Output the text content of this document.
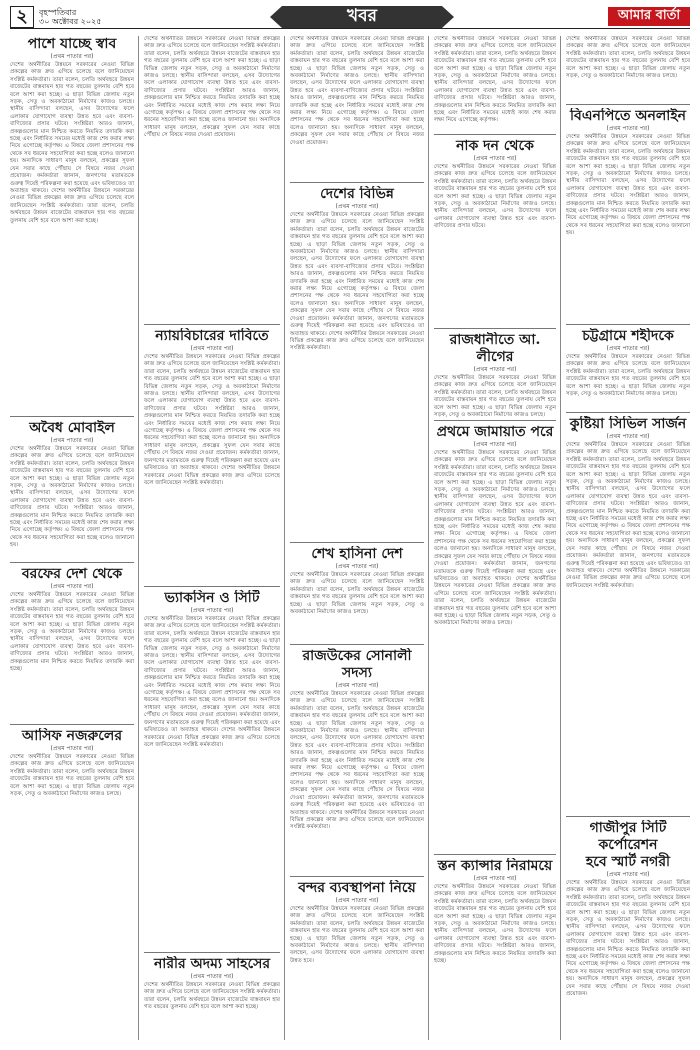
২	বৃহস্পতিবার
৩০ অক্টোবর ২০২৫	খবর	আমার বার্তা
পাশে যাচ্ছে স্বাব
(প্রথম পাতার পর)

দেশের অর্থনীতির উন্নয়নে সরকারের নেওয়া বিভিন্ন প্রকল্পের কাজ দ্রুত এগিয়ে চলেছে বলে জানিয়েছেন সংশ্লিষ্ট কর্মকর্তারা। তারা বলেন, চলতি অর্থবছরে উন্নয়ন বাজেটের বাস্তবায়ন হার গত বছরের তুলনায় বেশি হবে বলে আশা করা হচ্ছে। এ ছাড়া বিভিন্ন জেলায় নতুন সড়ক, সেতু ও অবকাঠামো নির্মাণের কাজও চলছে। স্থানীয় বাসিন্দারা বলছেন, এসব উদ্যোগের ফলে এলাকার যোগাযোগ ব্যবস্থা উন্নত হবে এবং ব্যবসা-বাণিজ্যের প্রসার ঘটবে। সংশ্লিষ্টরা আরও জানান, প্রকল্পগুলোর মান নিশ্চিত করতে নিয়মিত তদারকি করা হচ্ছে এবং নির্ধারিত সময়ের মধ্যেই কাজ শেষ করার লক্ষ্য নিয়ে এগোচ্ছে কর্তৃপক্ষ। এ বিষয়ে জেলা প্রশাসনের পক্ষ থেকে সব ধরনের সহযোগিতা করা হচ্ছে বলেও জানানো হয়। অন্যদিকে সাধারণ মানুষ বলছেন, প্রকল্পের সুফল যেন সবার কাছে পৌঁছায় সে বিষয়ে নজর দেওয়া প্রয়োজন। কর্মকর্তারা জানান, জনগণের মতামতকে গুরুত্ব দিয়েই পরিকল্পনা করা হয়েছে এবং ভবিষ্যতেও তা অব্যাহত থাকবে। দেশের অর্থনীতির উন্নয়নে সরকারের নেওয়া বিভিন্ন প্রকল্পের কাজ দ্রুত এগিয়ে চলেছে বলে জানিয়েছেন সংশ্লিষ্ট কর্মকর্তারা। তারা বলেন, চলতি অর্থবছরে উন্নয়ন বাজেটের বাস্তবায়ন হার গত বছরের তুলনায় বেশি হবে বলে আশা করা হচ্ছে।

অবৈধ মোবাইল
(প্রথম পাতার পর)

দেশের অর্থনীতির উন্নয়নে সরকারের নেওয়া বিভিন্ন প্রকল্পের কাজ দ্রুত এগিয়ে চলেছে বলে জানিয়েছেন সংশ্লিষ্ট কর্মকর্তারা। তারা বলেন, চলতি অর্থবছরে উন্নয়ন বাজেটের বাস্তবায়ন হার গত বছরের তুলনায় বেশি হবে বলে আশা করা হচ্ছে। এ ছাড়া বিভিন্ন জেলায় নতুন সড়ক, সেতু ও অবকাঠামো নির্মাণের কাজও চলছে। স্থানীয় বাসিন্দারা বলছেন, এসব উদ্যোগের ফলে এলাকার যোগাযোগ ব্যবস্থা উন্নত হবে এবং ব্যবসা-বাণিজ্যের প্রসার ঘটবে। সংশ্লিষ্টরা আরও জানান, প্রকল্পগুলোর মান নিশ্চিত করতে নিয়মিত তদারকি করা হচ্ছে এবং নির্ধারিত সময়ের মধ্যেই কাজ শেষ করার লক্ষ্য নিয়ে এগোচ্ছে কর্তৃপক্ষ। এ বিষয়ে জেলা প্রশাসনের পক্ষ থেকে সব ধরনের সহযোগিতা করা হচ্ছে বলেও জানানো হয়।

বরফের দেশ থেকে
(প্রথম পাতার পর)

দেশের অর্থনীতির উন্নয়নে সরকারের নেওয়া বিভিন্ন প্রকল্পের কাজ দ্রুত এগিয়ে চলেছে বলে জানিয়েছেন সংশ্লিষ্ট কর্মকর্তারা। তারা বলেন, চলতি অর্থবছরে উন্নয়ন বাজেটের বাস্তবায়ন হার গত বছরের তুলনায় বেশি হবে বলে আশা করা হচ্ছে। এ ছাড়া বিভিন্ন জেলায় নতুন সড়ক, সেতু ও অবকাঠামো নির্মাণের কাজও চলছে। স্থানীয় বাসিন্দারা বলছেন, এসব উদ্যোগের ফলে এলাকার যোগাযোগ ব্যবস্থা উন্নত হবে এবং ব্যবসা-বাণিজ্যের প্রসার ঘটবে। সংশ্লিষ্টরা আরও জানান, প্রকল্পগুলোর মান নিশ্চিত করতে নিয়মিত তদারকি করা হচ্ছে।

আসিফ নজরুলের
(প্রথম পাতার পর)

দেশের অর্থনীতির উন্নয়নে সরকারের নেওয়া বিভিন্ন প্রকল্পের কাজ দ্রুত এগিয়ে চলেছে বলে জানিয়েছেন সংশ্লিষ্ট কর্মকর্তারা। তারা বলেন, চলতি অর্থবছরে উন্নয়ন বাজেটের বাস্তবায়ন হার গত বছরের তুলনায় বেশি হবে বলে আশা করা হচ্ছে। এ ছাড়া বিভিন্ন জেলায় নতুন সড়ক, সেতু ও অবকাঠামো নির্মাণের কাজও চলছে।

দেশের অর্থনীতির উন্নয়নে সরকারের নেওয়া বিভিন্ন প্রকল্পের কাজ দ্রুত এগিয়ে চলেছে বলে জানিয়েছেন সংশ্লিষ্ট কর্মকর্তারা। তারা বলেন, চলতি অর্থবছরে উন্নয়ন বাজেটের বাস্তবায়ন হার গত বছরের তুলনায় বেশি হবে বলে আশা করা হচ্ছে। এ ছাড়া বিভিন্ন জেলায় নতুন সড়ক, সেতু ও অবকাঠামো নির্মাণের কাজও চলছে। স্থানীয় বাসিন্দারা বলছেন, এসব উদ্যোগের ফলে এলাকার যোগাযোগ ব্যবস্থা উন্নত হবে এবং ব্যবসা-বাণিজ্যের প্রসার ঘটবে। সংশ্লিষ্টরা আরও জানান, প্রকল্পগুলোর মান নিশ্চিত করতে নিয়মিত তদারকি করা হচ্ছে এবং নির্ধারিত সময়ের মধ্যেই কাজ শেষ করার লক্ষ্য নিয়ে এগোচ্ছে কর্তৃপক্ষ। এ বিষয়ে জেলা প্রশাসনের পক্ষ থেকে সব ধরনের সহযোগিতা করা হচ্ছে বলেও জানানো হয়। অন্যদিকে সাধারণ মানুষ বলছেন, প্রকল্পের সুফল যেন সবার কাছে পৌঁছায় সে বিষয়ে নজর দেওয়া প্রয়োজন।

ন্যায়বিচারের দাবিতে
(প্রথম পাতার পর)

দেশের অর্থনীতির উন্নয়নে সরকারের নেওয়া বিভিন্ন প্রকল্পের কাজ দ্রুত এগিয়ে চলেছে বলে জানিয়েছেন সংশ্লিষ্ট কর্মকর্তারা। তারা বলেন, চলতি অর্থবছরে উন্নয়ন বাজেটের বাস্তবায়ন হার গত বছরের তুলনায় বেশি হবে বলে আশা করা হচ্ছে। এ ছাড়া বিভিন্ন জেলায় নতুন সড়ক, সেতু ও অবকাঠামো নির্মাণের কাজও চলছে। স্থানীয় বাসিন্দারা বলছেন, এসব উদ্যোগের ফলে এলাকার যোগাযোগ ব্যবস্থা উন্নত হবে এবং ব্যবসা-বাণিজ্যের প্রসার ঘটবে। সংশ্লিষ্টরা আরও জানান, প্রকল্পগুলোর মান নিশ্চিত করতে নিয়মিত তদারকি করা হচ্ছে এবং নির্ধারিত সময়ের মধ্যেই কাজ শেষ করার লক্ষ্য নিয়ে এগোচ্ছে কর্তৃপক্ষ। এ বিষয়ে জেলা প্রশাসনের পক্ষ থেকে সব ধরনের সহযোগিতা করা হচ্ছে বলেও জানানো হয়। অন্যদিকে সাধারণ মানুষ বলছেন, প্রকল্পের সুফল যেন সবার কাছে পৌঁছায় সে বিষয়ে নজর দেওয়া প্রয়োজন। কর্মকর্তারা জানান, জনগণের মতামতকে গুরুত্ব দিয়েই পরিকল্পনা করা হয়েছে এবং ভবিষ্যতেও তা অব্যাহত থাকবে। দেশের অর্থনীতির উন্নয়নে সরকারের নেওয়া বিভিন্ন প্রকল্পের কাজ দ্রুত এগিয়ে চলেছে বলে জানিয়েছেন সংশ্লিষ্ট কর্মকর্তারা।

ভ্যাকসিন ও সিটি
(প্রথম পাতার পর)

দেশের অর্থনীতির উন্নয়নে সরকারের নেওয়া বিভিন্ন প্রকল্পের কাজ দ্রুত এগিয়ে চলেছে বলে জানিয়েছেন সংশ্লিষ্ট কর্মকর্তারা। তারা বলেন, চলতি অর্থবছরে উন্নয়ন বাজেটের বাস্তবায়ন হার গত বছরের তুলনায় বেশি হবে বলে আশা করা হচ্ছে। এ ছাড়া বিভিন্ন জেলায় নতুন সড়ক, সেতু ও অবকাঠামো নির্মাণের কাজও চলছে। স্থানীয় বাসিন্দারা বলছেন, এসব উদ্যোগের ফলে এলাকার যোগাযোগ ব্যবস্থা উন্নত হবে এবং ব্যবসা-বাণিজ্যের প্রসার ঘটবে। সংশ্লিষ্টরা আরও জানান, প্রকল্পগুলোর মান নিশ্চিত করতে নিয়মিত তদারকি করা হচ্ছে এবং নির্ধারিত সময়ের মধ্যেই কাজ শেষ করার লক্ষ্য নিয়ে এগোচ্ছে কর্তৃপক্ষ। এ বিষয়ে জেলা প্রশাসনের পক্ষ থেকে সব ধরনের সহযোগিতা করা হচ্ছে বলেও জানানো হয়। অন্যদিকে সাধারণ মানুষ বলছেন, প্রকল্পের সুফল যেন সবার কাছে পৌঁছায় সে বিষয়ে নজর দেওয়া প্রয়োজন। কর্মকর্তারা জানান, জনগণের মতামতকে গুরুত্ব দিয়েই পরিকল্পনা করা হয়েছে এবং ভবিষ্যতেও তা অব্যাহত থাকবে। দেশের অর্থনীতির উন্নয়নে সরকারের নেওয়া বিভিন্ন প্রকল্পের কাজ দ্রুত এগিয়ে চলেছে বলে জানিয়েছেন সংশ্লিষ্ট কর্মকর্তারা।

নারীর অদম্য সাহসের
(প্রথম পাতার পর)

দেশের অর্থনীতির উন্নয়নে সরকারের নেওয়া বিভিন্ন প্রকল্পের কাজ দ্রুত এগিয়ে চলেছে বলে জানিয়েছেন সংশ্লিষ্ট কর্মকর্তারা। তারা বলেন, চলতি অর্থবছরে উন্নয়ন বাজেটের বাস্তবায়ন হার গত বছরের তুলনায় বেশি হবে বলে আশা করা হচ্ছে।

দেশের অর্থনীতির উন্নয়নে সরকারের নেওয়া বিভিন্ন প্রকল্পের কাজ দ্রুত এগিয়ে চলেছে বলে জানিয়েছেন সংশ্লিষ্ট কর্মকর্তারা। তারা বলেন, চলতি অর্থবছরে উন্নয়ন বাজেটের বাস্তবায়ন হার গত বছরের তুলনায় বেশি হবে বলে আশা করা হচ্ছে। এ ছাড়া বিভিন্ন জেলায় নতুন সড়ক, সেতু ও অবকাঠামো নির্মাণের কাজও চলছে। স্থানীয় বাসিন্দারা বলছেন, এসব উদ্যোগের ফলে এলাকার যোগাযোগ ব্যবস্থা উন্নত হবে এবং ব্যবসা-বাণিজ্যের প্রসার ঘটবে। সংশ্লিষ্টরা আরও জানান, প্রকল্পগুলোর মান নিশ্চিত করতে নিয়মিত তদারকি করা হচ্ছে এবং নির্ধারিত সময়ের মধ্যেই কাজ শেষ করার লক্ষ্য নিয়ে এগোচ্ছে কর্তৃপক্ষ। এ বিষয়ে জেলা প্রশাসনের পক্ষ থেকে সব ধরনের সহযোগিতা করা হচ্ছে বলেও জানানো হয়। অন্যদিকে সাধারণ মানুষ বলছেন, প্রকল্পের সুফল যেন সবার কাছে পৌঁছায় সে বিষয়ে নজর দেওয়া প্রয়োজন।

দেশের বিভিন্ন
(প্রথম পাতার পর)

দেশের অর্থনীতির উন্নয়নে সরকারের নেওয়া বিভিন্ন প্রকল্পের কাজ দ্রুত এগিয়ে চলেছে বলে জানিয়েছেন সংশ্লিষ্ট কর্মকর্তারা। তারা বলেন, চলতি অর্থবছরে উন্নয়ন বাজেটের বাস্তবায়ন হার গত বছরের তুলনায় বেশি হবে বলে আশা করা হচ্ছে। এ ছাড়া বিভিন্ন জেলায় নতুন সড়ক, সেতু ও অবকাঠামো নির্মাণের কাজও চলছে। স্থানীয় বাসিন্দারা বলছেন, এসব উদ্যোগের ফলে এলাকার যোগাযোগ ব্যবস্থা উন্নত হবে এবং ব্যবসা-বাণিজ্যের প্রসার ঘটবে। সংশ্লিষ্টরা আরও জানান, প্রকল্পগুলোর মান নিশ্চিত করতে নিয়মিত তদারকি করা হচ্ছে এবং নির্ধারিত সময়ের মধ্যেই কাজ শেষ করার লক্ষ্য নিয়ে এগোচ্ছে কর্তৃপক্ষ। এ বিষয়ে জেলা প্রশাসনের পক্ষ থেকে সব ধরনের সহযোগিতা করা হচ্ছে বলেও জানানো হয়। অন্যদিকে সাধারণ মানুষ বলছেন, প্রকল্পের সুফল যেন সবার কাছে পৌঁছায় সে বিষয়ে নজর দেওয়া প্রয়োজন। কর্মকর্তারা জানান, জনগণের মতামতকে গুরুত্ব দিয়েই পরিকল্পনা করা হয়েছে এবং ভবিষ্যতেও তা অব্যাহত থাকবে। দেশের অর্থনীতির উন্নয়নে সরকারের নেওয়া বিভিন্ন প্রকল্পের কাজ দ্রুত এগিয়ে চলেছে বলে জানিয়েছেন সংশ্লিষ্ট কর্মকর্তারা।

শেখ হাসিনা দেশ
(প্রথম পাতার পর)

দেশের অর্থনীতির উন্নয়নে সরকারের নেওয়া বিভিন্ন প্রকল্পের কাজ দ্রুত এগিয়ে চলেছে বলে জানিয়েছেন সংশ্লিষ্ট কর্মকর্তারা। তারা বলেন, চলতি অর্থবছরে উন্নয়ন বাজেটের বাস্তবায়ন হার গত বছরের তুলনায় বেশি হবে বলে আশা করা হচ্ছে। এ ছাড়া বিভিন্ন জেলায় নতুন সড়ক, সেতু ও অবকাঠামো নির্মাণের কাজও চলছে।

রাজউকের সোনালী সদস্য
(প্রথম পাতার পর)

দেশের অর্থনীতির উন্নয়নে সরকারের নেওয়া বিভিন্ন প্রকল্পের কাজ দ্রুত এগিয়ে চলেছে বলে জানিয়েছেন সংশ্লিষ্ট কর্মকর্তারা। তারা বলেন, চলতি অর্থবছরে উন্নয়ন বাজেটের বাস্তবায়ন হার গত বছরের তুলনায় বেশি হবে বলে আশা করা হচ্ছে। এ ছাড়া বিভিন্ন জেলায় নতুন সড়ক, সেতু ও অবকাঠামো নির্মাণের কাজও চলছে। স্থানীয় বাসিন্দারা বলছেন, এসব উদ্যোগের ফলে এলাকার যোগাযোগ ব্যবস্থা উন্নত হবে এবং ব্যবসা-বাণিজ্যের প্রসার ঘটবে। সংশ্লিষ্টরা আরও জানান, প্রকল্পগুলোর মান নিশ্চিত করতে নিয়মিত তদারকি করা হচ্ছে এবং নির্ধারিত সময়ের মধ্যেই কাজ শেষ করার লক্ষ্য নিয়ে এগোচ্ছে কর্তৃপক্ষ। এ বিষয়ে জেলা প্রশাসনের পক্ষ থেকে সব ধরনের সহযোগিতা করা হচ্ছে বলেও জানানো হয়। অন্যদিকে সাধারণ মানুষ বলছেন, প্রকল্পের সুফল যেন সবার কাছে পৌঁছায় সে বিষয়ে নজর দেওয়া প্রয়োজন। কর্মকর্তারা জানান, জনগণের মতামতকে গুরুত্ব দিয়েই পরিকল্পনা করা হয়েছে এবং ভবিষ্যতেও তা অব্যাহত থাকবে। দেশের অর্থনীতির উন্নয়নে সরকারের নেওয়া বিভিন্ন প্রকল্পের কাজ দ্রুত এগিয়ে চলেছে বলে জানিয়েছেন সংশ্লিষ্ট কর্মকর্তারা।

বন্দর ব্যবস্থাপনা নিয়ে
(প্রথম পাতার পর)

দেশের অর্থনীতির উন্নয়নে সরকারের নেওয়া বিভিন্ন প্রকল্পের কাজ দ্রুত এগিয়ে চলেছে বলে জানিয়েছেন সংশ্লিষ্ট কর্মকর্তারা। তারা বলেন, চলতি অর্থবছরে উন্নয়ন বাজেটের বাস্তবায়ন হার গত বছরের তুলনায় বেশি হবে বলে আশা করা হচ্ছে। এ ছাড়া বিভিন্ন জেলায় নতুন সড়ক, সেতু ও অবকাঠামো নির্মাণের কাজও চলছে। স্থানীয় বাসিন্দারা বলছেন, এসব উদ্যোগের ফলে এলাকার যোগাযোগ ব্যবস্থা উন্নত হবে।

দেশের অর্থনীতির উন্নয়নে সরকারের নেওয়া বিভিন্ন প্রকল্পের কাজ দ্রুত এগিয়ে চলেছে বলে জানিয়েছেন সংশ্লিষ্ট কর্মকর্তারা। তারা বলেন, চলতি অর্থবছরে উন্নয়ন বাজেটের বাস্তবায়ন হার গত বছরের তুলনায় বেশি হবে বলে আশা করা হচ্ছে। এ ছাড়া বিভিন্ন জেলায় নতুন সড়ক, সেতু ও অবকাঠামো নির্মাণের কাজও চলছে। স্থানীয় বাসিন্দারা বলছেন, এসব উদ্যোগের ফলে এলাকার যোগাযোগ ব্যবস্থা উন্নত হবে এবং ব্যবসা-বাণিজ্যের প্রসার ঘটবে। সংশ্লিষ্টরা আরও জানান, প্রকল্পগুলোর মান নিশ্চিত করতে নিয়মিত তদারকি করা হচ্ছে এবং নির্ধারিত সময়ের মধ্যেই কাজ শেষ করার লক্ষ্য নিয়ে এগোচ্ছে কর্তৃপক্ষ।

নাক দন থেকে
(প্রথম পাতার পর)

দেশের অর্থনীতির উন্নয়নে সরকারের নেওয়া বিভিন্ন প্রকল্পের কাজ দ্রুত এগিয়ে চলেছে বলে জানিয়েছেন সংশ্লিষ্ট কর্মকর্তারা। তারা বলেন, চলতি অর্থবছরে উন্নয়ন বাজেটের বাস্তবায়ন হার গত বছরের তুলনায় বেশি হবে বলে আশা করা হচ্ছে। এ ছাড়া বিভিন্ন জেলায় নতুন সড়ক, সেতু ও অবকাঠামো নির্মাণের কাজও চলছে। স্থানীয় বাসিন্দারা বলছেন, এসব উদ্যোগের ফলে এলাকার যোগাযোগ ব্যবস্থা উন্নত হবে এবং ব্যবসা-বাণিজ্যের প্রসার ঘটবে।

রাজধানীতে আ. লীগের
(প্রথম পাতার পর)

দেশের অর্থনীতির উন্নয়নে সরকারের নেওয়া বিভিন্ন প্রকল্পের কাজ দ্রুত এগিয়ে চলেছে বলে জানিয়েছেন সংশ্লিষ্ট কর্মকর্তারা। তারা বলেন, চলতি অর্থবছরে উন্নয়ন বাজেটের বাস্তবায়ন হার গত বছরের তুলনায় বেশি হবে বলে আশা করা হচ্ছে। এ ছাড়া বিভিন্ন জেলায় নতুন সড়ক, সেতু ও অবকাঠামো নির্মাণের কাজও চলছে।

প্রথমে জামায়াত পরে
(প্রথম পাতার পর)

দেশের অর্থনীতির উন্নয়নে সরকারের নেওয়া বিভিন্ন প্রকল্পের কাজ দ্রুত এগিয়ে চলেছে বলে জানিয়েছেন সংশ্লিষ্ট কর্মকর্তারা। তারা বলেন, চলতি অর্থবছরে উন্নয়ন বাজেটের বাস্তবায়ন হার গত বছরের তুলনায় বেশি হবে বলে আশা করা হচ্ছে। এ ছাড়া বিভিন্ন জেলায় নতুন সড়ক, সেতু ও অবকাঠামো নির্মাণের কাজও চলছে। স্থানীয় বাসিন্দারা বলছেন, এসব উদ্যোগের ফলে এলাকার যোগাযোগ ব্যবস্থা উন্নত হবে এবং ব্যবসা-বাণিজ্যের প্রসার ঘটবে। সংশ্লিষ্টরা আরও জানান, প্রকল্পগুলোর মান নিশ্চিত করতে নিয়মিত তদারকি করা হচ্ছে এবং নির্ধারিত সময়ের মধ্যেই কাজ শেষ করার লক্ষ্য নিয়ে এগোচ্ছে কর্তৃপক্ষ। এ বিষয়ে জেলা প্রশাসনের পক্ষ থেকে সব ধরনের সহযোগিতা করা হচ্ছে বলেও জানানো হয়। অন্যদিকে সাধারণ মানুষ বলছেন, প্রকল্পের সুফল যেন সবার কাছে পৌঁছায় সে বিষয়ে নজর দেওয়া প্রয়োজন। কর্মকর্তারা জানান, জনগণের মতামতকে গুরুত্ব দিয়েই পরিকল্পনা করা হয়েছে এবং ভবিষ্যতেও তা অব্যাহত থাকবে। দেশের অর্থনীতির উন্নয়নে সরকারের নেওয়া বিভিন্ন প্রকল্পের কাজ দ্রুত এগিয়ে চলেছে বলে জানিয়েছেন সংশ্লিষ্ট কর্মকর্তারা। তারা বলেন, চলতি অর্থবছরে উন্নয়ন বাজেটের বাস্তবায়ন হার গত বছরের তুলনায় বেশি হবে বলে আশা করা হচ্ছে। এ ছাড়া বিভিন্ন জেলায় নতুন সড়ক, সেতু ও অবকাঠামো নির্মাণের কাজও চলছে।

স্তন ক্যান্সার নিরাময়ে
(প্রথম পাতার পর)

দেশের অর্থনীতির উন্নয়নে সরকারের নেওয়া বিভিন্ন প্রকল্পের কাজ দ্রুত এগিয়ে চলেছে বলে জানিয়েছেন সংশ্লিষ্ট কর্মকর্তারা। তারা বলেন, চলতি অর্থবছরে উন্নয়ন বাজেটের বাস্তবায়ন হার গত বছরের তুলনায় বেশি হবে বলে আশা করা হচ্ছে। এ ছাড়া বিভিন্ন জেলায় নতুন সড়ক, সেতু ও অবকাঠামো নির্মাণের কাজও চলছে। স্থানীয় বাসিন্দারা বলছেন, এসব উদ্যোগের ফলে এলাকার যোগাযোগ ব্যবস্থা উন্নত হবে এবং ব্যবসা-বাণিজ্যের প্রসার ঘটবে। সংশ্লিষ্টরা আরও জানান, প্রকল্পগুলোর মান নিশ্চিত করতে নিয়মিত তদারকি করা হচ্ছে।

দেশের অর্থনীতির উন্নয়নে সরকারের নেওয়া বিভিন্ন প্রকল্পের কাজ দ্রুত এগিয়ে চলেছে বলে জানিয়েছেন সংশ্লিষ্ট কর্মকর্তারা। তারা বলেন, চলতি অর্থবছরে উন্নয়ন বাজেটের বাস্তবায়ন হার গত বছরের তুলনায় বেশি হবে বলে আশা করা হচ্ছে। এ ছাড়া বিভিন্ন জেলায় নতুন সড়ক, সেতু ও অবকাঠামো নির্মাণের কাজও চলছে।

বিএনপিতে অনলাইন
(প্রথম পাতার পর)

দেশের অর্থনীতির উন্নয়নে সরকারের নেওয়া বিভিন্ন প্রকল্পের কাজ দ্রুত এগিয়ে চলেছে বলে জানিয়েছেন সংশ্লিষ্ট কর্মকর্তারা। তারা বলেন, চলতি অর্থবছরে উন্নয়ন বাজেটের বাস্তবায়ন হার গত বছরের তুলনায় বেশি হবে বলে আশা করা হচ্ছে। এ ছাড়া বিভিন্ন জেলায় নতুন সড়ক, সেতু ও অবকাঠামো নির্মাণের কাজও চলছে। স্থানীয় বাসিন্দারা বলছেন, এসব উদ্যোগের ফলে এলাকার যোগাযোগ ব্যবস্থা উন্নত হবে এবং ব্যবসা-বাণিজ্যের প্রসার ঘটবে। সংশ্লিষ্টরা আরও জানান, প্রকল্পগুলোর মান নিশ্চিত করতে নিয়মিত তদারকি করা হচ্ছে এবং নির্ধারিত সময়ের মধ্যেই কাজ শেষ করার লক্ষ্য নিয়ে এগোচ্ছে কর্তৃপক্ষ। এ বিষয়ে জেলা প্রশাসনের পক্ষ থেকে সব ধরনের সহযোগিতা করা হচ্ছে বলেও জানানো হয়।

চট্টগ্রামে শহীদকে
(প্রথম পাতার পর)

দেশের অর্থনীতির উন্নয়নে সরকারের নেওয়া বিভিন্ন প্রকল্পের কাজ দ্রুত এগিয়ে চলেছে বলে জানিয়েছেন সংশ্লিষ্ট কর্মকর্তারা। তারা বলেন, চলতি অর্থবছরে উন্নয়ন বাজেটের বাস্তবায়ন হার গত বছরের তুলনায় বেশি হবে বলে আশা করা হচ্ছে। এ ছাড়া বিভিন্ন জেলায় নতুন সড়ক, সেতু ও অবকাঠামো নির্মাণের কাজও চলছে।

কুষ্টিয়া সিভিল সার্জন
(প্রথম পাতার পর)

দেশের অর্থনীতির উন্নয়নে সরকারের নেওয়া বিভিন্ন প্রকল্পের কাজ দ্রুত এগিয়ে চলেছে বলে জানিয়েছেন সংশ্লিষ্ট কর্মকর্তারা। তারা বলেন, চলতি অর্থবছরে উন্নয়ন বাজেটের বাস্তবায়ন হার গত বছরের তুলনায় বেশি হবে বলে আশা করা হচ্ছে। এ ছাড়া বিভিন্ন জেলায় নতুন সড়ক, সেতু ও অবকাঠামো নির্মাণের কাজও চলছে। স্থানীয় বাসিন্দারা বলছেন, এসব উদ্যোগের ফলে এলাকার যোগাযোগ ব্যবস্থা উন্নত হবে এবং ব্যবসা-বাণিজ্যের প্রসার ঘটবে। সংশ্লিষ্টরা আরও জানান, প্রকল্পগুলোর মান নিশ্চিত করতে নিয়মিত তদারকি করা হচ্ছে এবং নির্ধারিত সময়ের মধ্যেই কাজ শেষ করার লক্ষ্য নিয়ে এগোচ্ছে কর্তৃপক্ষ। এ বিষয়ে জেলা প্রশাসনের পক্ষ থেকে সব ধরনের সহযোগিতা করা হচ্ছে বলেও জানানো হয়। অন্যদিকে সাধারণ মানুষ বলছেন, প্রকল্পের সুফল যেন সবার কাছে পৌঁছায় সে বিষয়ে নজর দেওয়া প্রয়োজন। কর্মকর্তারা জানান, জনগণের মতামতকে গুরুত্ব দিয়েই পরিকল্পনা করা হয়েছে এবং ভবিষ্যতেও তা অব্যাহত থাকবে। দেশের অর্থনীতির উন্নয়নে সরকারের নেওয়া বিভিন্ন প্রকল্পের কাজ দ্রুত এগিয়ে চলেছে বলে জানিয়েছেন সংশ্লিষ্ট কর্মকর্তারা।

গাজীপুর সিটি কর্পোরেশন
হবে স্মার্ট নগরী
(প্রথম পাতার পর)

দেশের অর্থনীতির উন্নয়নে সরকারের নেওয়া বিভিন্ন প্রকল্পের কাজ দ্রুত এগিয়ে চলেছে বলে জানিয়েছেন সংশ্লিষ্ট কর্মকর্তারা। তারা বলেন, চলতি অর্থবছরে উন্নয়ন বাজেটের বাস্তবায়ন হার গত বছরের তুলনায় বেশি হবে বলে আশা করা হচ্ছে। এ ছাড়া বিভিন্ন জেলায় নতুন সড়ক, সেতু ও অবকাঠামো নির্মাণের কাজও চলছে। স্থানীয় বাসিন্দারা বলছেন, এসব উদ্যোগের ফলে এলাকার যোগাযোগ ব্যবস্থা উন্নত হবে এবং ব্যবসা-বাণিজ্যের প্রসার ঘটবে। সংশ্লিষ্টরা আরও জানান, প্রকল্পগুলোর মান নিশ্চিত করতে নিয়মিত তদারকি করা হচ্ছে এবং নির্ধারিত সময়ের মধ্যেই কাজ শেষ করার লক্ষ্য নিয়ে এগোচ্ছে কর্তৃপক্ষ। এ বিষয়ে জেলা প্রশাসনের পক্ষ থেকে সব ধরনের সহযোগিতা করা হচ্ছে বলেও জানানো হয়। অন্যদিকে সাধারণ মানুষ বলছেন, প্রকল্পের সুফল যেন সবার কাছে পৌঁছায় সে বিষয়ে নজর দেওয়া প্রয়োজন।
